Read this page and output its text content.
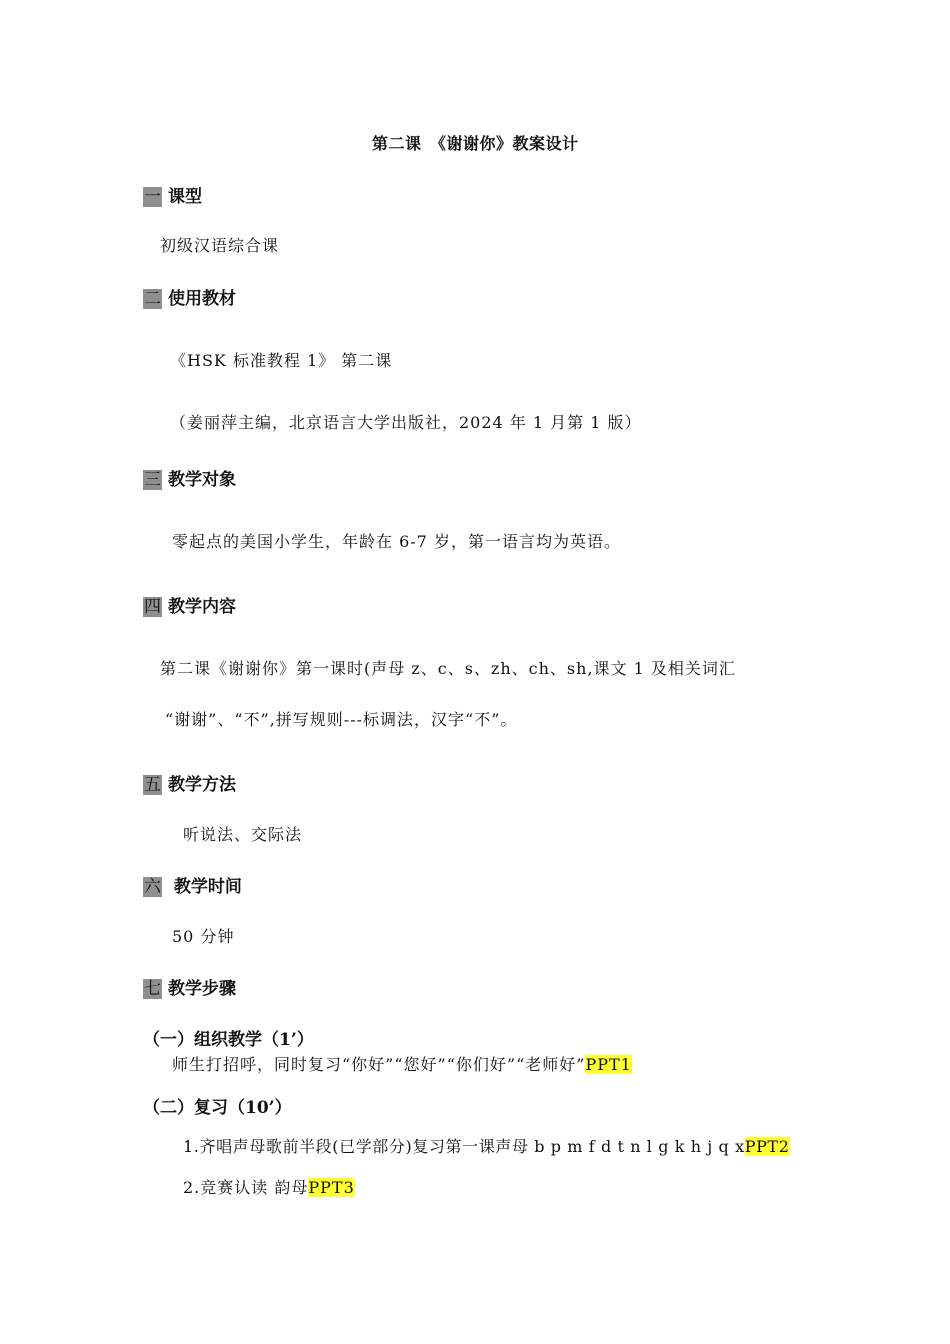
第二课　《谢谢你》教案设计
一 课型
初级汉语综合课
二 使用教材
《HSK 标准教程 1》 第二课
（姜丽萍主编，北京语言大学出版社，2024 年 1 月第 1 版）
三 教学对象
零起点的美国小学生，年龄在 6-7 岁，第一语言均为英语。
四 教学内容
第二课《谢谢你》第一课时(声母 z、c、s、zh、ch、sh,课文 1 及相关词汇
“谢谢”、“不”,拼写规则---标调法，汉字“不”。
五 教学方法
听说法、交际法
六 教学时间
50 分钟
七 教学步骤
（一）组织教学（1’）
师生打招呼，同时复习“你好”“您好”“你们好”“老师好”PPT1
（二）复习（10’）
1.齐唱声母歌前半段(已学部分)复习第一课声母 b p m f d t n l g k h j q xPPT2
2.竞赛认读 韵母PPT3
